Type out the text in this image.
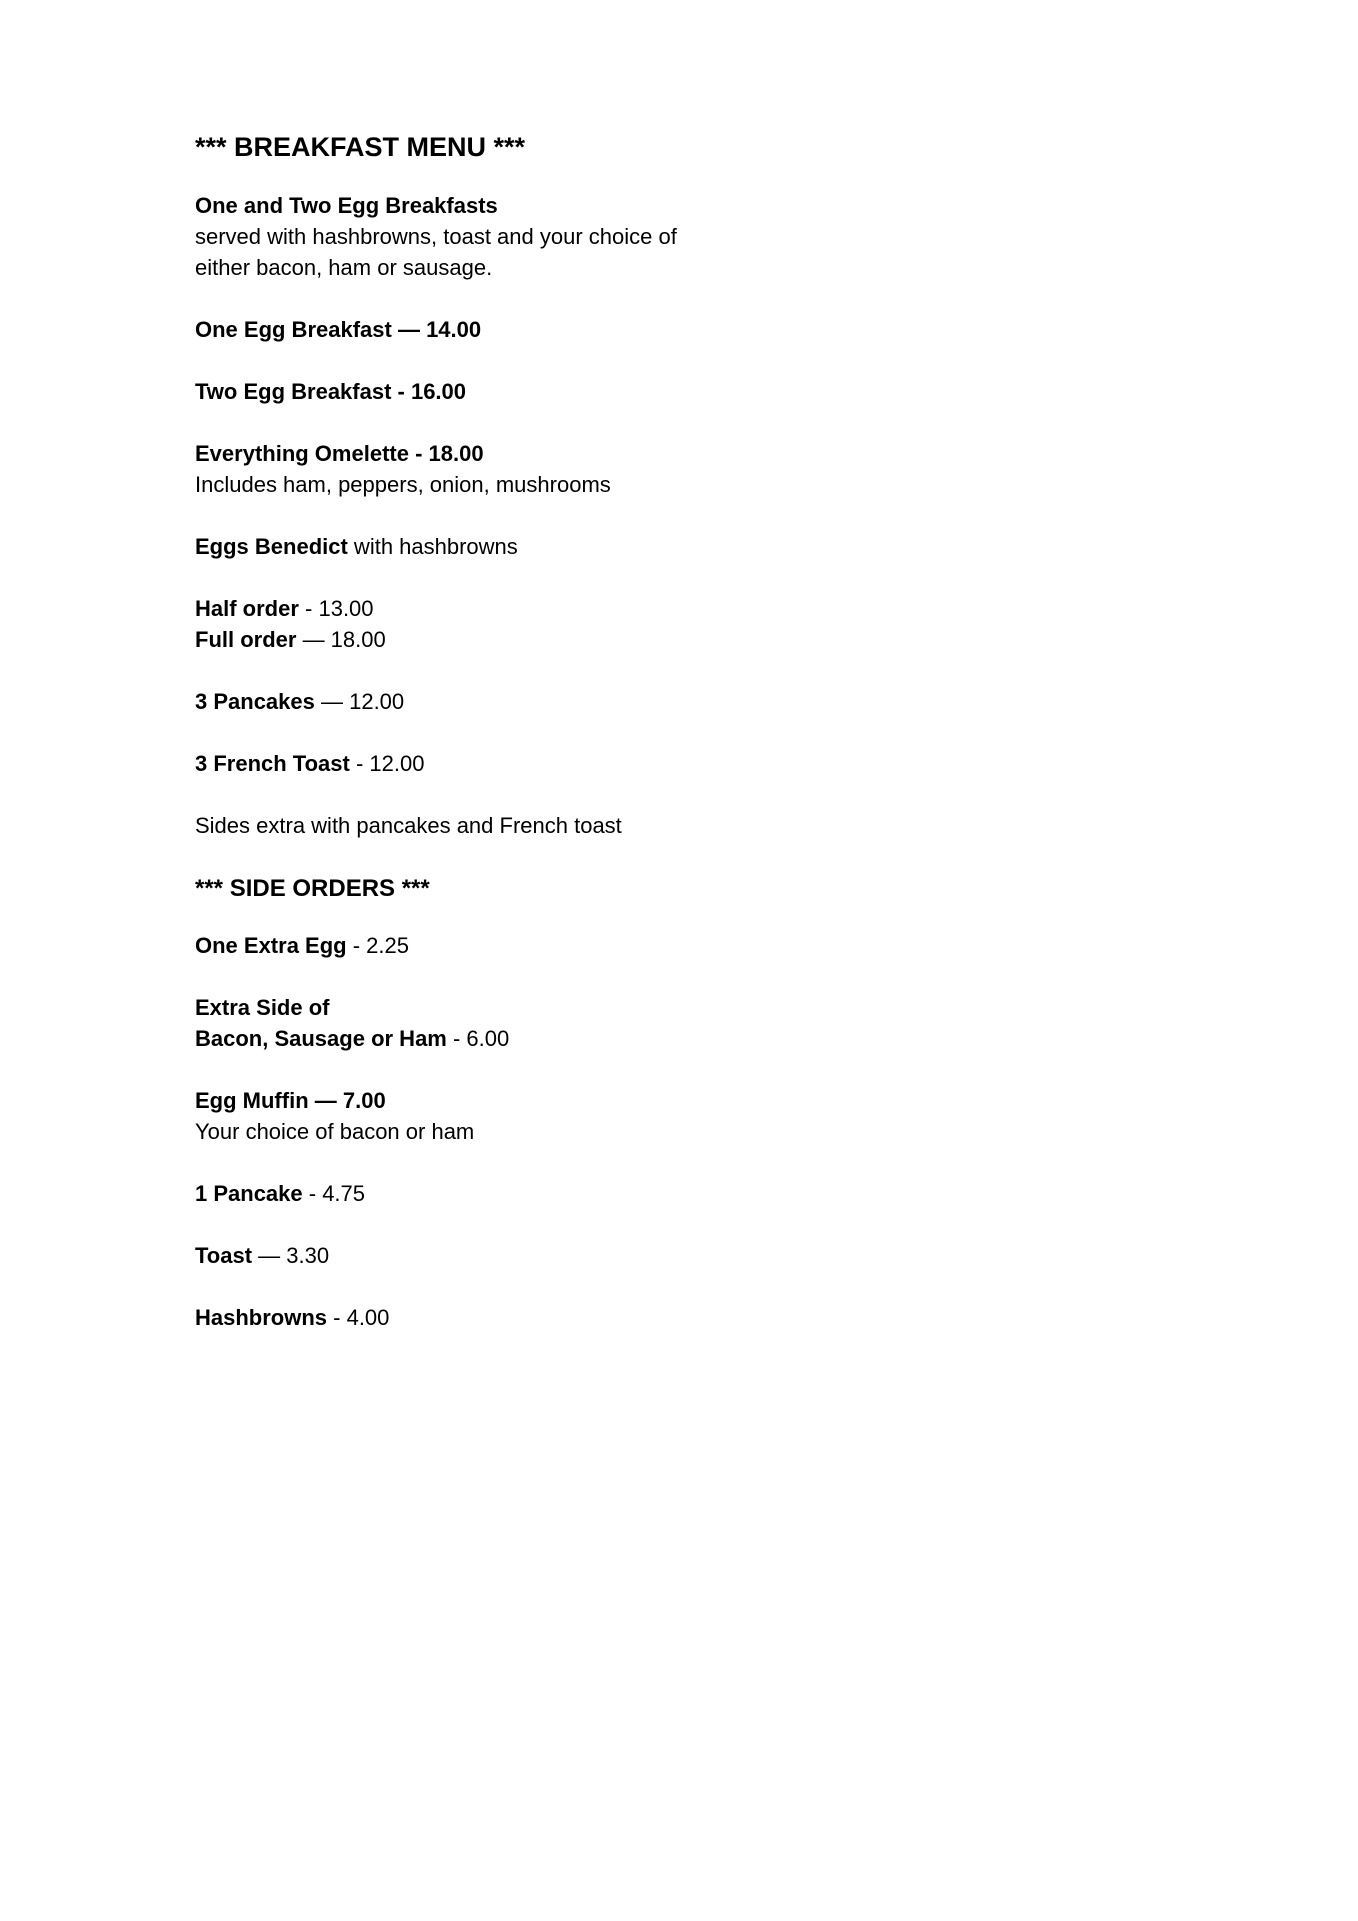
*** BREAKFAST MENU ***

One and Two Egg Breakfasts

served with hashbrowns, toast and your choice of

either bacon, ham or sausage.

One Egg Breakfast — 14.00

Two Egg Breakfast - 16.00

Everything Omelette - 18.00

Includes ham, peppers, onion, mushrooms

Eggs Benedict with hashbrowns

Half order - 13.00

Full order — 18.00

3 Pancakes — 12.00

3 French Toast - 12.00

Sides extra with pancakes and French toast

*** SIDE ORDERS ***

One Extra Egg - 2.25

Extra Side of

Bacon, Sausage or Ham - 6.00

Egg Muffin — 7.00

Your choice of bacon or ham

1 Pancake - 4.75

Toast — 3.30

Hashbrowns - 4.00
